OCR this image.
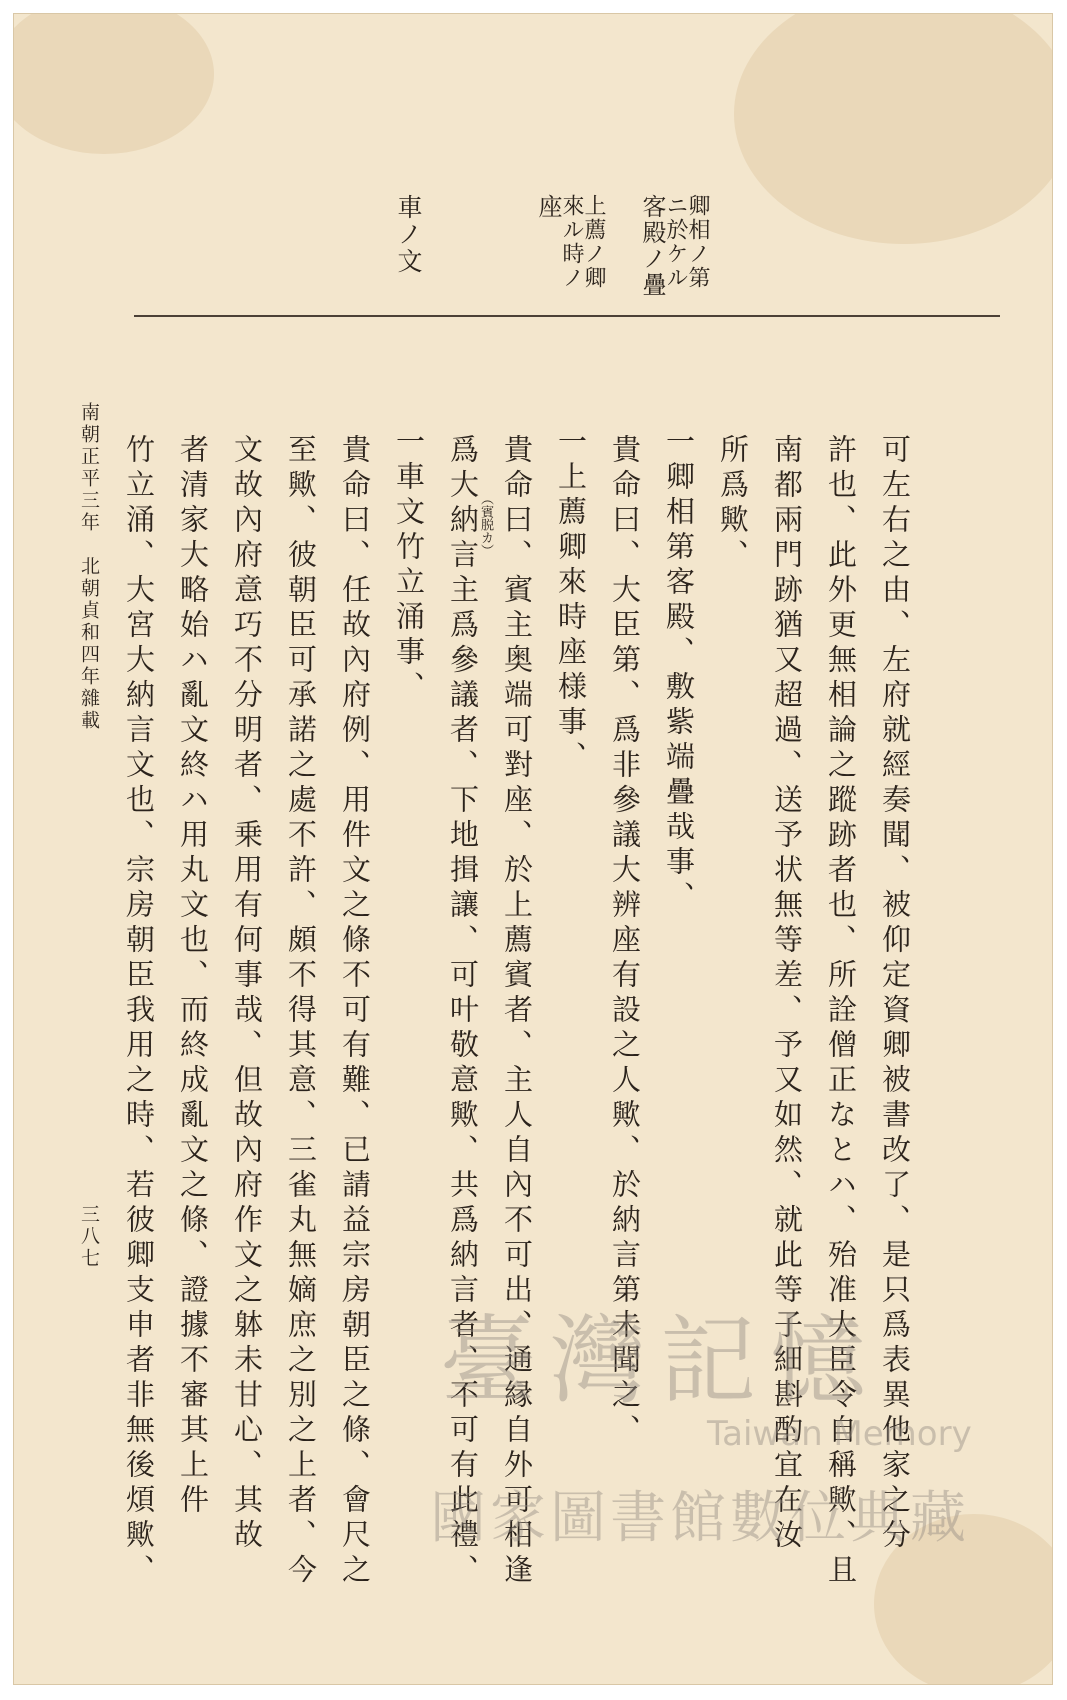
卿相ノ第
ニ於ケル
客殿ノ疊
上薦ノ卿
來ル時ノ
座
車ノ文
可左右之由、左府就經奏聞、被仰定資卿被書改了、是只爲表異他家之分
許也、此外更無相論之蹤跡者也、所詮僧正なとハ、殆准大臣令自稱歟、且
南都兩門跡猶又超過、送予状無等差、予又如然、就此等子細斟酌宜在汝
所爲歟、
一卿相第客殿、敷紫端疊哉事、
貴命曰、大臣第、爲非參議大辨座有設之人歟、於納言第未聞之、
一上薦卿來時座様事、
貴命曰、賓主奥端可對座、於上薦賓者、主人自內不可出、通縁自外可相逢
爲大納言主爲參議者、下地揖讓、可叶敬意歟、共爲納言者、不可有此禮、
一車文竹立涌事、
貴命曰、任故內府例、用件文之條不可有難、已請益宗房朝臣之條、會尺之
至歟、彼朝臣可承諾之處不許、頗不得其意、三雀丸無嫡庶之別之上者、今
文故內府意巧不分明者、乗用有何事哉、但故內府作文之躰未甘心、其故
者清家大略始ハ亂文終ハ用丸文也、而終成亂文之條、證據不審其上件
竹立涌、大宮大納言文也、宗房朝臣我用之時、若彼卿支申者非無後煩歟、	（賓脱カ）
南朝正平三年　北朝貞和四年雜載
三八七
臺灣記憶
Taiwan Memory
國家圖書館數位典藏
